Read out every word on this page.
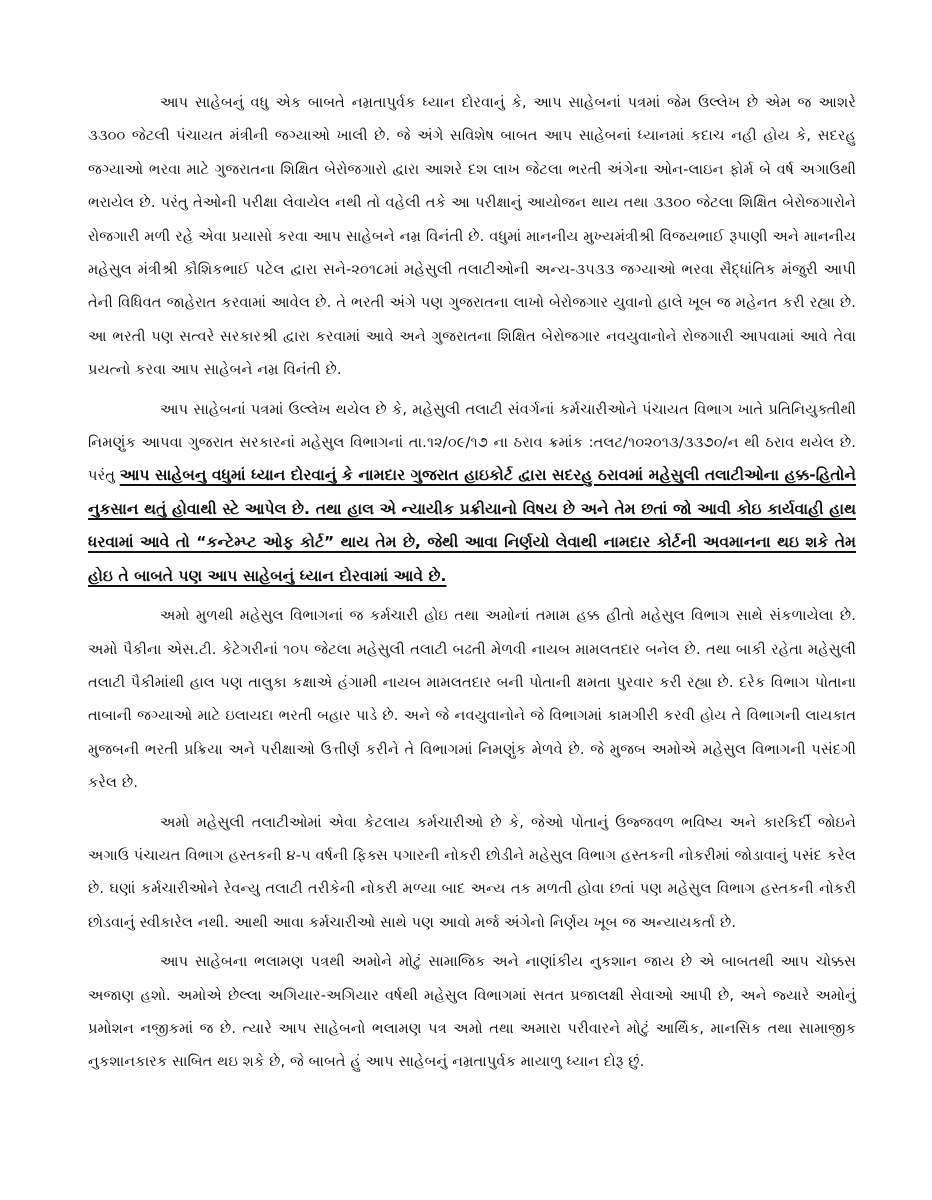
આપ સાહેબનું વધુ એક બાબતે નમ્રતાપુર્વક ધ્યાન દોરવાનું કે, આપ સાહેબનાં પત્રમાં જેમ ઉલ્લેખ છે એમ જ આશરે ૩૩૦૦ જેટલી પંચાયત મંત્રીની જગ્યાઓ ખાલી છે. જે અંગે સવિશેષ બાબત આપ સાહેબનાં ધ્યાનમાં કદાચ નહી હોય કે, સદરહુ જગ્યાઓ ભરવા માટે ગુજરાતના શિક્ષિત બેરોજગારો દ્વારા આશરે દશ લાખ જેટલા ભરતી અંગેના ઓન-લાઇન ફોર્મ બે વર્ષ અગાઉથી ભરાયેલ છે. પરંતુ તેઓની પરીક્ષા લેવાયેલ નથી તો વહેલી તકે આ પરીક્ષાનું આયોજન થાય તથા ૩૩૦૦ જેટલા શિક્ષિત બેરોજગારોને રોજગારી મળી રહે એવા પ્રયાસો કરવા આપ સાહેબને નમ્ર વિનંતી છે. વધુમાં માનનીય મુખ્યમંત્રીશ્રી વિજયભાઈ રૂપાણી અને માનનીય મહેસુલ મંત્રીશ્રી કૌશિકભાઈ પટેલ દ્વારા સને-૨૦૧૮માં મહેસુલી તલાટીઓની અન્ય-૩૫૩૩ જગ્યાઓ ભરવા સૈદ્ધાંતિક મંજુરી આપી તેની વિધિવત જાહેરાત કરવામાં આવેલ છે. તે ભરતી અંગે પણ ગુજરાતના લાખો બેરોજગાર યુવાનો હાલે ખૂબ જ મહેનત કરી રહ્યા છે. આ ભરતી પણ સત્વરે સરકારશ્રી દ્વારા કરવામાં આવે અને ગુજરાતના શિક્ષિત બેરોજગાર નવયુવાનોને રોજગારી આપવામાં આવે તેવા પ્રયત્નો કરવા આપ સાહેબને નમ્ર વિનંતી છે.

આપ સાહેબનાં પત્રમાં ઉલ્લેખ થયેલ છે કે, મહેસુલી તલાટી સંવર્ગનાં કર્મચારીઓને પંચાયત વિભાગ ખાતે પ્રતિનિયુક્તીથી નિમણુંક આપવા ગુજરાત સરકારનાં મહેસુલ વિભાગનાં તા.૧૨/૦૯/૧૭ ના ઠરાવ ક્રમાંક :તલટ/૧૦૨૦૧૩/૩૩૭૦/ન થી ઠરાવ થયેલ છે. પરંતુ આપ સાહેબનુ વધુમાં ધ્યાન દોરવાનું કે નામદાર ગુજરાત હાઇકોર્ટ દ્વારા સદરહુ ઠરાવમાં મહેસુલી તલાટીઓના હક્ક-હિતોને નુકસાન થતું હોવાથી સ્ટે આપેલ છે. તથા હાલ એ ન્યાયીક પ્રક્રીયાનો વિષય છે અને તેમ છતાં જો આવી કોઇ કાર્યવાહી હાથ ધરવામાં આવે તો “કન્ટેમ્પ્ટ ઓફ કોર્ટ” થાય તેમ છે, જેથી આવા નિર્ણયો લેવાથી નામદાર કોર્ટની અવમાનના થઇ શકે તેમ હોઇ તે બાબતે પણ આપ સાહેબનું ધ્યાન દોરવામાં આવે છે.

અમો મુળથી મહેસુલ વિભાગનાં જ કર્મચારી હોઇ તથા અમોનાં તમામ હક્ક હીતો મહેસુલ વિભાગ સાથે સંકળાયેલા છે. અમો પૈકીના એસ.ટી. કેટેગરીનાં ૧૦૫ જેટલા મહેસુલી તલાટી બઢતી મેળવી નાયબ મામલતદાર બનેલ છે. તથા બાકી રહેતા મહેસુલી તલાટી પૈકીમાંથી હાલ પણ તાલુકા કક્ષાએ હંગામી નાયબ મામલતદાર બની પોતાની ક્ષમતા પુરવાર કરી રહ્યા છે. દરેક વિભાગ પોતાના તાબાની જગ્યાઓ માટે ઇલાયદા ભરતી બહાર પાડે છે. અને જે નવયુવાનોને જે વિભાગમાં કામગીરી કરવી હોય તે વિભાગની લાયકાત મુજબની ભરતી પ્રક્રિયા અને પરીક્ષાઓ ઉત્તીર્ણ કરીને તે વિભાગમાં નિમણુંક મેળવે છે. જે મુજબ અમોએ મહેસુલ વિભાગની પસંદગી કરેલ છે.

અમો મહેસુલી તલાટીઓમાં એવા કેટલાય કર્મચારીઓ છે કે, જેઓ પોતાનું ઉજ્જવળ ભવિષ્ય અને કારકિર્દી જોઇને અગાઉ પંચાયત વિભાગ હસ્તકની ૪-૫ વર્ષની ફિક્સ પગારની નોકરી છોડીને મહેસુલ વિભાગ હસ્તકની નોકરીમાં જોડાવાનું પસંદ કરેલ છે. ઘણાં કર્મચારીઓને રેવન્યુ તલાટી તરીકેની નોકરી મળ્યા બાદ અન્ય તક મળતી હોવા છતાં પણ મહેસુલ વિભાગ હસ્તકની નોકરી છોડવાનું સ્વીકારેલ નથી. આથી આવા કર્મચારીઓ સાથે પણ આવો મર્જ અંગેનો નિર્ણય ખૂબ જ અન્યાયકર્તા છે.

આપ સાહેબના ભલામણ પત્રથી અમોને મોટું સામાજિક અને નાણાંકીય નુકશાન જાય છે એ બાબતથી આપ ચોક્કસ અજાણ હશો. અમોએ છેલ્લા અગિયાર-અગિયાર વર્ષથી મહેસુલ વિભાગમાં સતત પ્રજાલક્ષી સેવાઓ આપી છે, અને જ્યારે અમોનું પ્રમોશન નજીકમાં જ છે. ત્યારે આપ સાહેબનો ભલામણ પત્ર અમો તથા અમારા પરીવારને મોટું આર્થિક, માનસિક તથા સામાજીક નુકશાનકારક સાબિત થઇ શકે છે, જે બાબતે હું આપ સાહેબનું નમ્રતાપુર્વક માયાળુ ધ્યાન દોરૂ છું.
